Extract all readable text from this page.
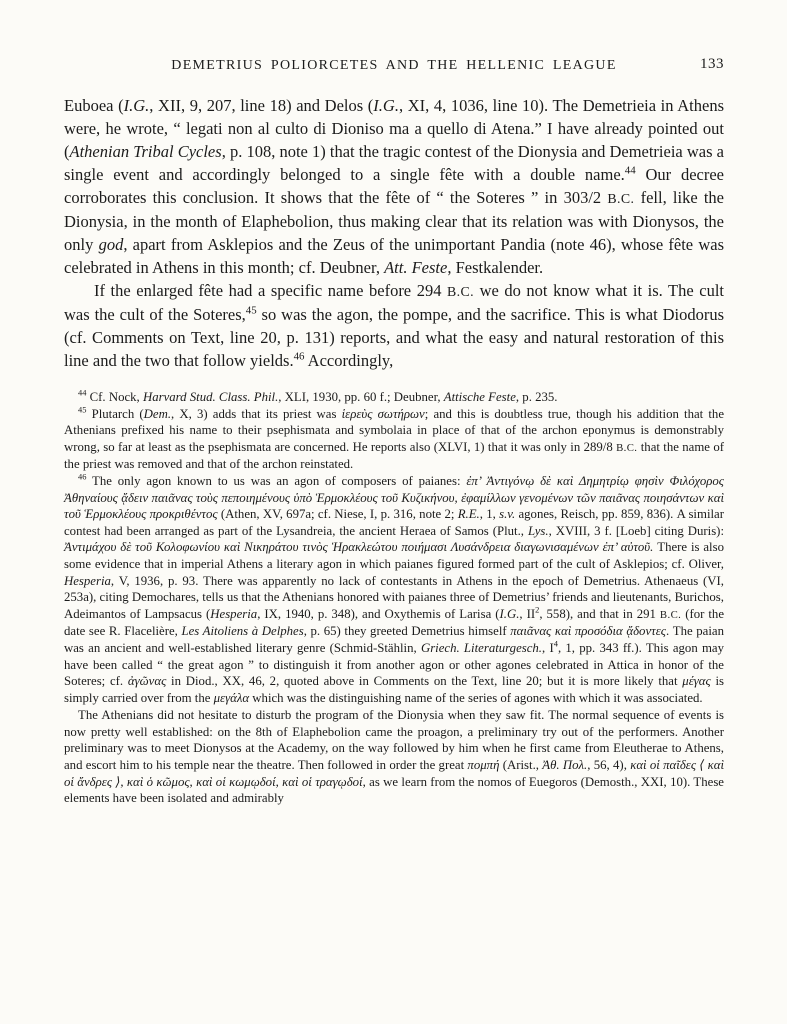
DEMETRIUS POLIORCETES AND THE HELLENIC LEAGUE	133

Euboea (I.G., XII, 9, 207, line 18) and Delos (I.G., XI, 4, 1036, line 10). The Demetrieia in Athens were, he wrote, “ legati non al culto di Dioniso ma a quello di Atena.” I have already pointed out (Athenian Tribal Cycles, p. 108, note 1) that the tragic contest of the Dionysia and Demetrieia was a single event and accordingly belonged to a single fête with a double name.$^{44}$ Our decree corroborates this conclusion. It shows that the fête of “ the Soteres ” in 303/2 B.C. fell, like the Dionysia, in the month of Elaphebolion, thus making clear that its relation was with Dionysos, the only god, apart from Asklepios and the Zeus of the unimportant Pandia (note 46), whose fête was celebrated in Athens in this month; cf. Deubner, Att. Feste, Festkalender.

If the enlarged fête had a specific name before 294 B.C. we do not know what it is. The cult was the cult of the Soteres,$^{45}$ so was the agon, the pompe, and the sacrifice. This is what Diodorus (cf. Comments on Text, line 20, p. 131) reports, and what the easy and natural restoration of this line and the two that follow yields.$^{46}$ Accordingly,

$^{44}$ Cf. Nock, Harvard Stud. Class. Phil., XLI, 1930, pp. 60 f.; Deubner, Attische Feste, p. 235.

$^{45}$ Plutarch (Dem., X, 3) adds that its priest was ἱερεὺς σωτήρων; and this is doubtless true, though his addition that the Athenians prefixed his name to their psephismata and symbolaia in place of that of the archon eponymus is demonstrably wrong, so far at least as the psephismata are concerned. He reports also (XLVI, 1) that it was only in 289/8 B.C. that the name of the priest was removed and that of the archon reinstated.

$^{46}$ The only agon known to us was an agon of composers of paianes: ἐπ’ Ἀντιγόνῳ δὲ καὶ Δημητρίῳ φησὶν Φιλόχορος Ἀθηναίους ᾄδειν παιᾶνας τοὺς πεποιημένους ὑπὸ Ἑρμοκλέους τοῦ Κυζικήνου, ἐφαμίλλων γενομένων τῶν παιᾶνας ποιησάντων καὶ τοῦ Ἑρμοκλέους προκριθέντος (Athen, XV, 697a; cf. Niese, I, p. 316, note 2; R.E., 1, s.v. agones, Reisch, pp. 859, 836). A similar contest had been arranged as part of the Lysandreia, the ancient Heraea of Samos (Plut., Lys., XVIII, 3 f. [Loeb] citing Duris): Ἀντιμάχου δὲ τοῦ Κολοφωνίου καὶ Νικηράτου τινὸς Ἡρακλεώτου ποιήμασι Λυσάνδρεια διαγωνισαμένων ἐπ’ αὐτοῦ. There is also some evidence that in imperial Athens a literary agon in which paianes figured formed part of the cult of Asklepios; cf. Oliver, Hesperia, V, 1936, p. 93. There was apparently no lack of contestants in Athens in the epoch of Demetrius. Athenaeus (VI, 253a), citing Demochares, tells us that the Athenians honored with paianes three of Demetrius’ friends and lieutenants, Burichos, Adeimantos of Lampsacus (Hesperia, IX, 1940, p. 348), and Oxythemis of Larisa (I.G., $II^2$, 558), and that in 291 B.C. (for the date see R. Flacelière, Les Aitoliens à Delphes, p. 65) they greeted Demetrius himself παιᾶνας καὶ προσόδια ᾄδοντες. The paian was an ancient and well-established literary genre (Schmid-Stählin, Griech. Literaturgesch., $I^4$, 1, pp. 343 ff.). This agon may have been called “ the great agon ” to distinguish it from another agon or other agones celebrated in Attica in honor of the Soteres; cf. ἀγῶνας in Diod., XX, 46, 2, quoted above in Comments on the Text, line 20; but it is more likely that μέγας is simply carried over from the μεγάλα which was the distinguishing name of the series of agones with which it was associated.

The Athenians did not hesitate to disturb the program of the Dionysia when they saw fit. The normal sequence of events is now pretty well established: on the 8th of Elaphebolion came the proagon, a preliminary try out of the performers. Another preliminary was to meet Dionysos at the Academy, on the way followed by him when he first came from Eleutherae to Athens, and escort him to his temple near the theatre. Then followed in order the great πομπή (Arist., Ἀθ. Πολ., 56, 4), καὶ οἱ παῖδες ⟨ καὶ οἱ ἄνδρες ⟩, καὶ ὁ κῶμος, καὶ οἱ κωμῳδοί, καὶ οἱ τραγῳδοί, as we learn from the nomos of Euegoros (Demosth., XXI, 10). These elements have been isolated and admirably
